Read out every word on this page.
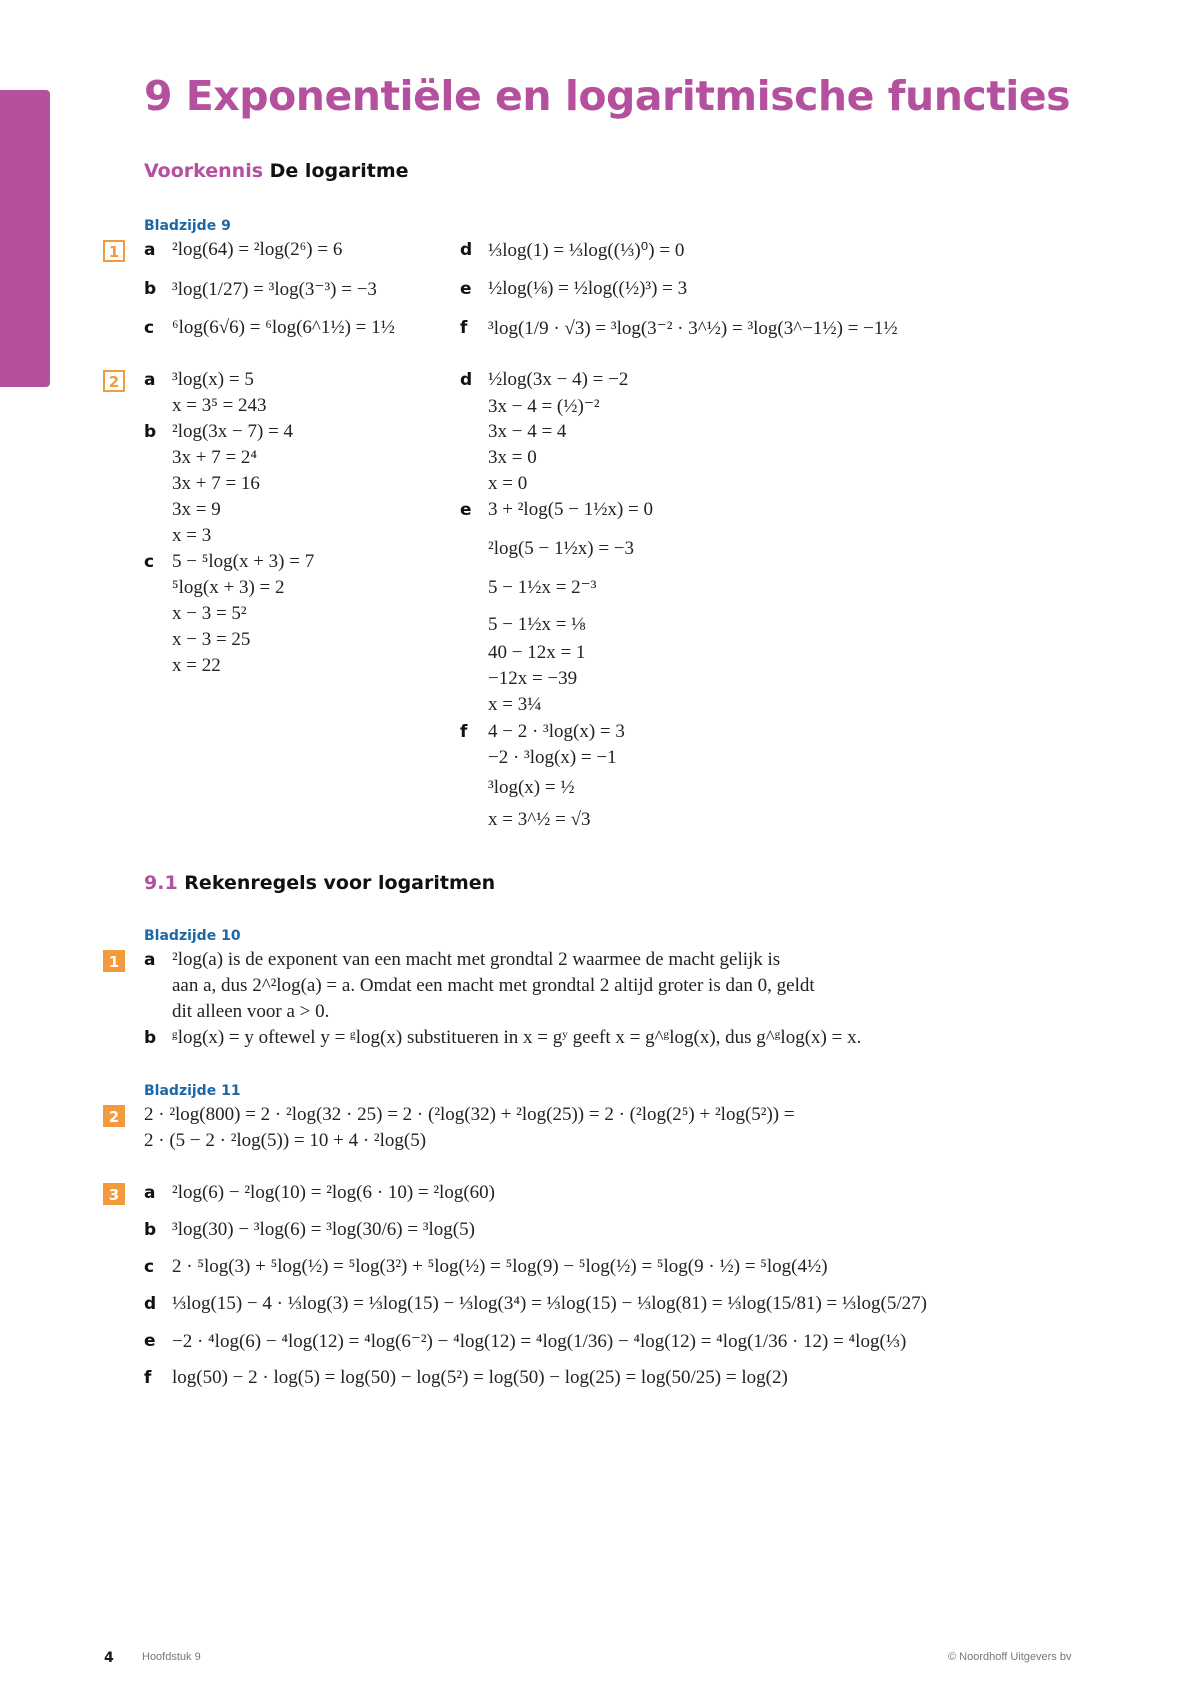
9 Exponentiële en logaritmische functies
Voorkennis De logaritme
Bladzijde 9
1	a ²log(64) = ²log(2⁶) = 6
b ³log(1/27) = ³log(3⁻³) = −3
c ⁶log(6√6) = ⁶log(6^1½) = 1½
d ⅓log(1) = ⅓log((⅓)⁰) = 0
e ½log(⅛) = ½log((½)³) = 3
f ³log(1/9 · √3) = ³log(3⁻² · 3^½) = ³log(3^−1½) = −1½
2	a ³log(x) = 5
x = 3⁵ = 243
b ²log(3x − 7) = 4
3x + 7 = 2⁴
3x + 7 = 16
3x = 9
x = 3
c 5 − ⁵log(x + 3) = 7
⁵log(x + 3) = 2
x − 3 = 5²
x − 3 = 25
x = 22
d ½log(3x − 4) = −2
3x − 4 = (½)⁻²
3x − 4 = 4
3x = 0
x = 0
e 3 + ²log(5 − 1½x) = 0
²log(5 − 1½x) = −3
5 − 1½x = 2⁻³
5 − 1½x = ⅛
40 − 12x = 1
−12x = −39
x = 3¼
f 4 − 2 · ³log(x) = 3
−2 · ³log(x) = −1
³log(x) = ½
x = 3^½ = √3
9.1 Rekenregels voor logaritmen
Bladzijde 10
1	a ²log(a) is de exponent van een macht met grondtal 2 waarmee de macht gelijk is
aan a, dus 2^²log(a) = a. Omdat een macht met grondtal 2 altijd groter is dan 0, geldt
dit alleen voor a > 0.
b ᵍlog(x) = y oftewel y = ᵍlog(x) substitueren in x = gʸ geeft x = g^ᵍlog(x), dus g^ᵍlog(x) = x.
Bladzijde 11
2	2 · ²log(800) = 2 · ²log(32 · 25) = 2 · (²log(32) + ²log(25)) = 2 · (²log(2⁵) + ²log(5²)) =
2 · (5 − 2 · ²log(5)) = 10 + 4 · ²log(5)
3	a ²log(6) − ²log(10) = ²log(6 · 10) = ²log(60)
b ³log(30) − ³log(6) = ³log(30/6) = ³log(5)
c 2 · ⁵log(3) + ⁵log(½) = ⁵log(3²) + ⁵log(½) = ⁵log(9) − ⁵log(½) = ⁵log(9 · ½) = ⁵log(4½)
d ⅓log(15) − 4 · ⅓log(3) = ⅓log(15) − ⅓log(3⁴) = ⅓log(15) − ⅓log(81) = ⅓log(15/81) = ⅓log(5/27)
e −2 · ⁴log(6) − ⁴log(12) = ⁴log(6⁻²) − ⁴log(12) = ⁴log(1/36) − ⁴log(12) = ⁴log(1/36 · 12) = ⁴log(⅓)
f log(50) − 2 · log(5) = log(50) − log(5²) = log(50) − log(25) = log(50/25) = log(2)
4	Hoofdstuk 9	© Noordhoff Uitgevers bv
